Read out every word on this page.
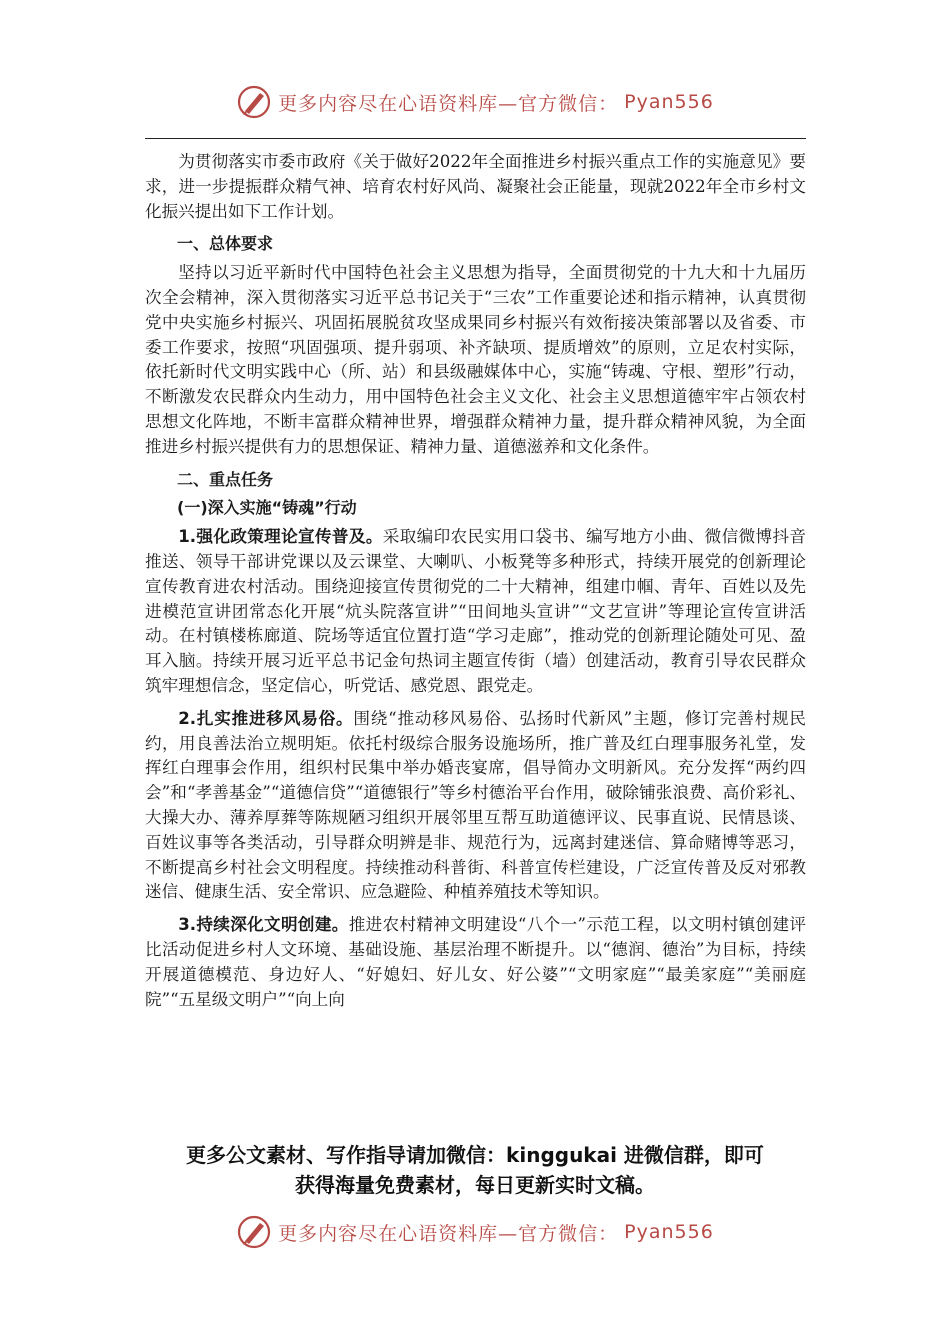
更多内容尽在心语资料库—官方微信： Pyan556

为贯彻落实市委市政府《关于做好2022年全面推进乡村振兴重点工作的实施意见》要求，进一步提振群众精气神、培育农村好风尚、凝聚社会正能量，现就2022年全市乡村文化振兴提出如下工作计划。

一、总体要求

坚持以习近平新时代中国特色社会主义思想为指导，全面贯彻党的十九大和十九届历次全会精神，深入贯彻落实习近平总书记关于“三农”工作重要论述和指示精神，认真贯彻党中央实施乡村振兴、巩固拓展脱贫攻坚成果同乡村振兴有效衔接决策部署以及省委、市委工作要求，按照“巩固强项、提升弱项、补齐缺项、提质增效”的原则，立足农村实际，依托新时代文明实践中心（所、站）和县级融媒体中心，实施“铸魂、守根、塑形”行动，不断激发农民群众内生动力，用中国特色社会主义文化、社会主义思想道德牢牢占领农村思想文化阵地，不断丰富群众精神世界，增强群众精神力量，提升群众精神风貌，为全面推进乡村振兴提供有力的思想保证、精神力量、道德滋养和文化条件。

二、重点任务

(一)深入实施“铸魂”行动

1.强化政策理论宣传普及。采取编印农民实用口袋书、编写地方小曲、微信微博抖音推送、领导干部讲党课以及云课堂、大喇叭、小板凳等多种形式，持续开展党的创新理论宣传教育进农村活动。围绕迎接宣传贯彻党的二十大精神，组建巾帼、青年、百姓以及先进模范宣讲团常态化开展“炕头院落宣讲”“田间地头宣讲”“文艺宣讲”等理论宣传宣讲活动。在村镇楼栋廊道、院场等适宜位置打造“学习走廊”，推动党的创新理论随处可见、盈耳入脑。持续开展习近平总书记金句热词主题宣传街（墙）创建活动，教育引导农民群众筑牢理想信念，坚定信心，听党话、感党恩、跟党走。

2.扎实推进移风易俗。围绕“推动移风易俗、弘扬时代新风”主题，修订完善村规民约，用良善法治立规明矩。依托村级综合服务设施场所，推广普及红白理事服务礼堂，发挥红白理事会作用，组织村民集中举办婚丧宴席，倡导简办文明新风。充分发挥“两约四会”和“孝善基金”“道德信贷”“道德银行”等乡村德治平台作用，破除铺张浪费、高价彩礼、大操大办、薄养厚葬等陈规陋习组织开展邻里互帮互助道德评议、民事直说、民情恳谈、百姓议事等各类活动，引导群众明辨是非、规范行为，远离封建迷信、算命赌博等恶习，不断提高乡村社会文明程度。持续推动科普街、科普宣传栏建设，广泛宣传普及反对邪教迷信、健康生活、安全常识、应急避险、种植养殖技术等知识。

3.持续深化文明创建。推进农村精神文明建设“八个一”示范工程，以文明村镇创建评比活动促进乡村人文环境、基础设施、基层治理不断提升。以“德润、德治”为目标，持续开展道德模范、身边好人、“好媳妇、好儿女、好公婆”“文明家庭”“最美家庭”“美丽庭院”“五星级文明户”“向上向

更多公文素材、写作指导请加微信：kinggukai 进微信群，即可
获得海量免费素材，每日更新实时文稿。
更多内容尽在心语资料库—官方微信： Pyan556
